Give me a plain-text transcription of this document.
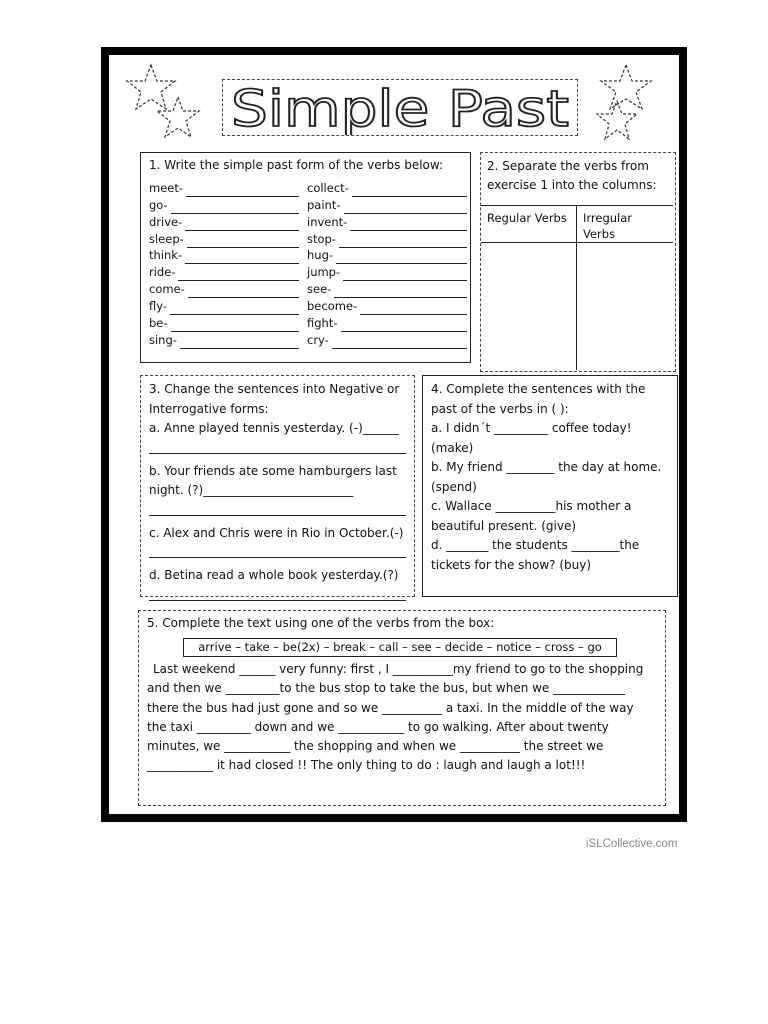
Simple Past

1. Write the simple past form of the verbs below:

meet-	collect-
go-	paint-
drive-	invent-
sleep-	stop-
think-	hug-
ride-	jump-
come-	see-
fly-	become-
be-	fight-
sing-	cry-

2. Separate the verbs from exercise 1 into the columns:

Regular Verbs	Irregular Verbs

3. Change the sentences into Negative or Interrogative forms:

a. Anne played tennis yesterday. (-)______

b. Your friends ate some hamburgers last night. (?)_________________________

c. Alex and Chris were in Rio in October.(-)

d. Betina read a whole book yesterday.(?)

4. Complete the sentences with the past of the verbs in ( ):

a. I didn´t _________ coffee today! (make)

b. My friend ________ the day at home.(spend)

c. Wallace __________his mother a beautiful present. (give)

d. _______ the students ________the tickets for the show? (buy)

5. Complete the text using one of the verbs from the box:

arrive – take – be(2x) – break – call – see – decide – notice – cross – go

Last weekend ______ very funny: first , I __________my friend to go to the shopping and then we _________to the bus stop to take the bus, but when we ____________ there the bus had just gone and so we __________ a taxi. In the middle of the way the taxi _________ down and we ___________ to go walking. After about twenty minutes, we ___________ the shopping and when we __________ the street we ___________ it had closed !! The only thing to do : laugh and laugh a lot!!!

iSLCollective.com
